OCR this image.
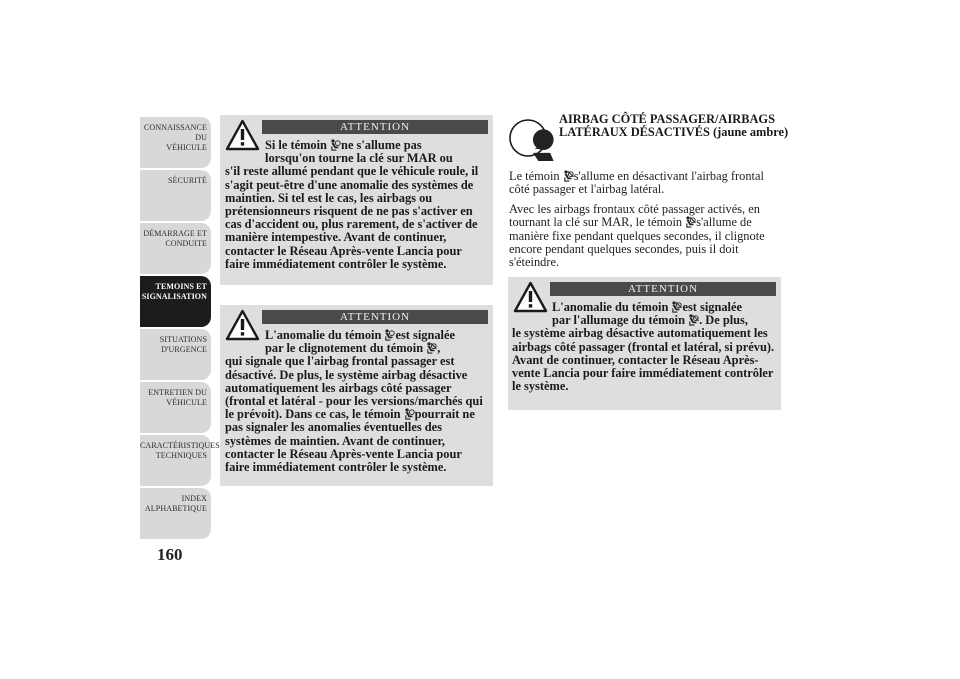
CONNAISSANCE DU
VÉHICULE
SÉCURITÉ
DÉMARRAGE ET
CONDUITE
TEMOINS ET
SIGNALISATION
SITUATIONS
D'URGENCE
ENTRETIEN DU
VÉHICULE
CARACTÉRISTIQUES
TECHNIQUES
INDEX
ALPHABETIQUE
160
ATTENTION
Si le témoin ne s'allume pas
lorsqu'on tourne la clé sur MAR ou
s'il reste allumé pendant que le véhicule roule, il s'agit peut-être d'une anomalie des systèmes de maintien. Si tel est le cas, les airbags ou prétensionneurs risquent de ne pas s'activer en cas d'accident ou, plus rarement, de s'activer de manière intempestive. Avant de continuer, contacter le Réseau Après-vente Lancia pour faire immédiatement contrôler le système.
ATTENTION
L'anomalie du témoin est signalée
par le clignotement du témoin ,
qui signale que l'airbag frontal passager est désactivé. De plus, le système airbag désactive automatiquement les airbags côté passager (frontal et latéral - pour les versions/marchés qui le prévoit). Dans ce cas, le témoin pourrait ne pas signaler les anomalies éventuelles des systèmes de maintien. Avant de continuer, contacter le Réseau Après-vente Lancia pour faire immédiatement contrôler le système.
2
AIRBAG CÔTÉ PASSAGER/AIRBAGS LATÉRAUX DÉSACTIVÉS (jaune ambre)
Le témoin s'allume en désactivant l'airbag frontal côté passager et l'airbag latéral.
Avec les airbags frontaux côté passager activés, en tournant la clé sur MAR, le témoin s'allume de manière fixe pendant quelques secondes, il clignote encore pendant quelques secondes, puis il doit s'éteindre.
ATTENTION
L'anomalie du témoin est signalée
par l'allumage du témoin . De plus,
le système airbag désactive automatiquement les airbags côté passager (frontal et latéral, si prévu). Avant de continuer, contacter le Réseau Après-vente Lancia pour faire immédiatement contrôler le système.
